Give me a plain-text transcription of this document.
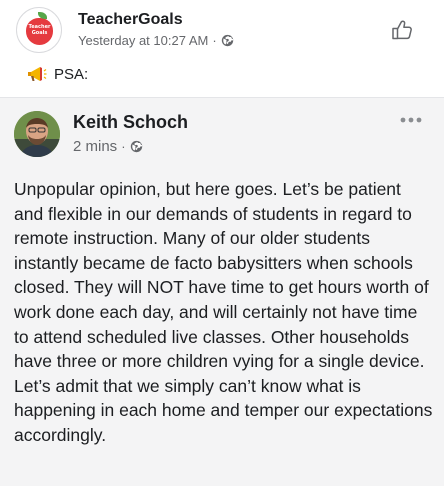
Teacher Goals
TeacherGoals
Yesterday at 10:27 AM ·
PSA:
Keith Schoch
2 mins ·
Unpopular opinion, but here goes. Let’s be patient and flexible in our demands of students in regard to remote instruction. Many of our older students instantly became de facto babysitters when schools closed. They will NOT have time to get hours worth of work done each day, and will certainly not have time to attend scheduled live classes. Other households have three or more children vying for a single device. Let’s admit that we simply can’t know what is happening in each home and temper our expectations accordingly.
